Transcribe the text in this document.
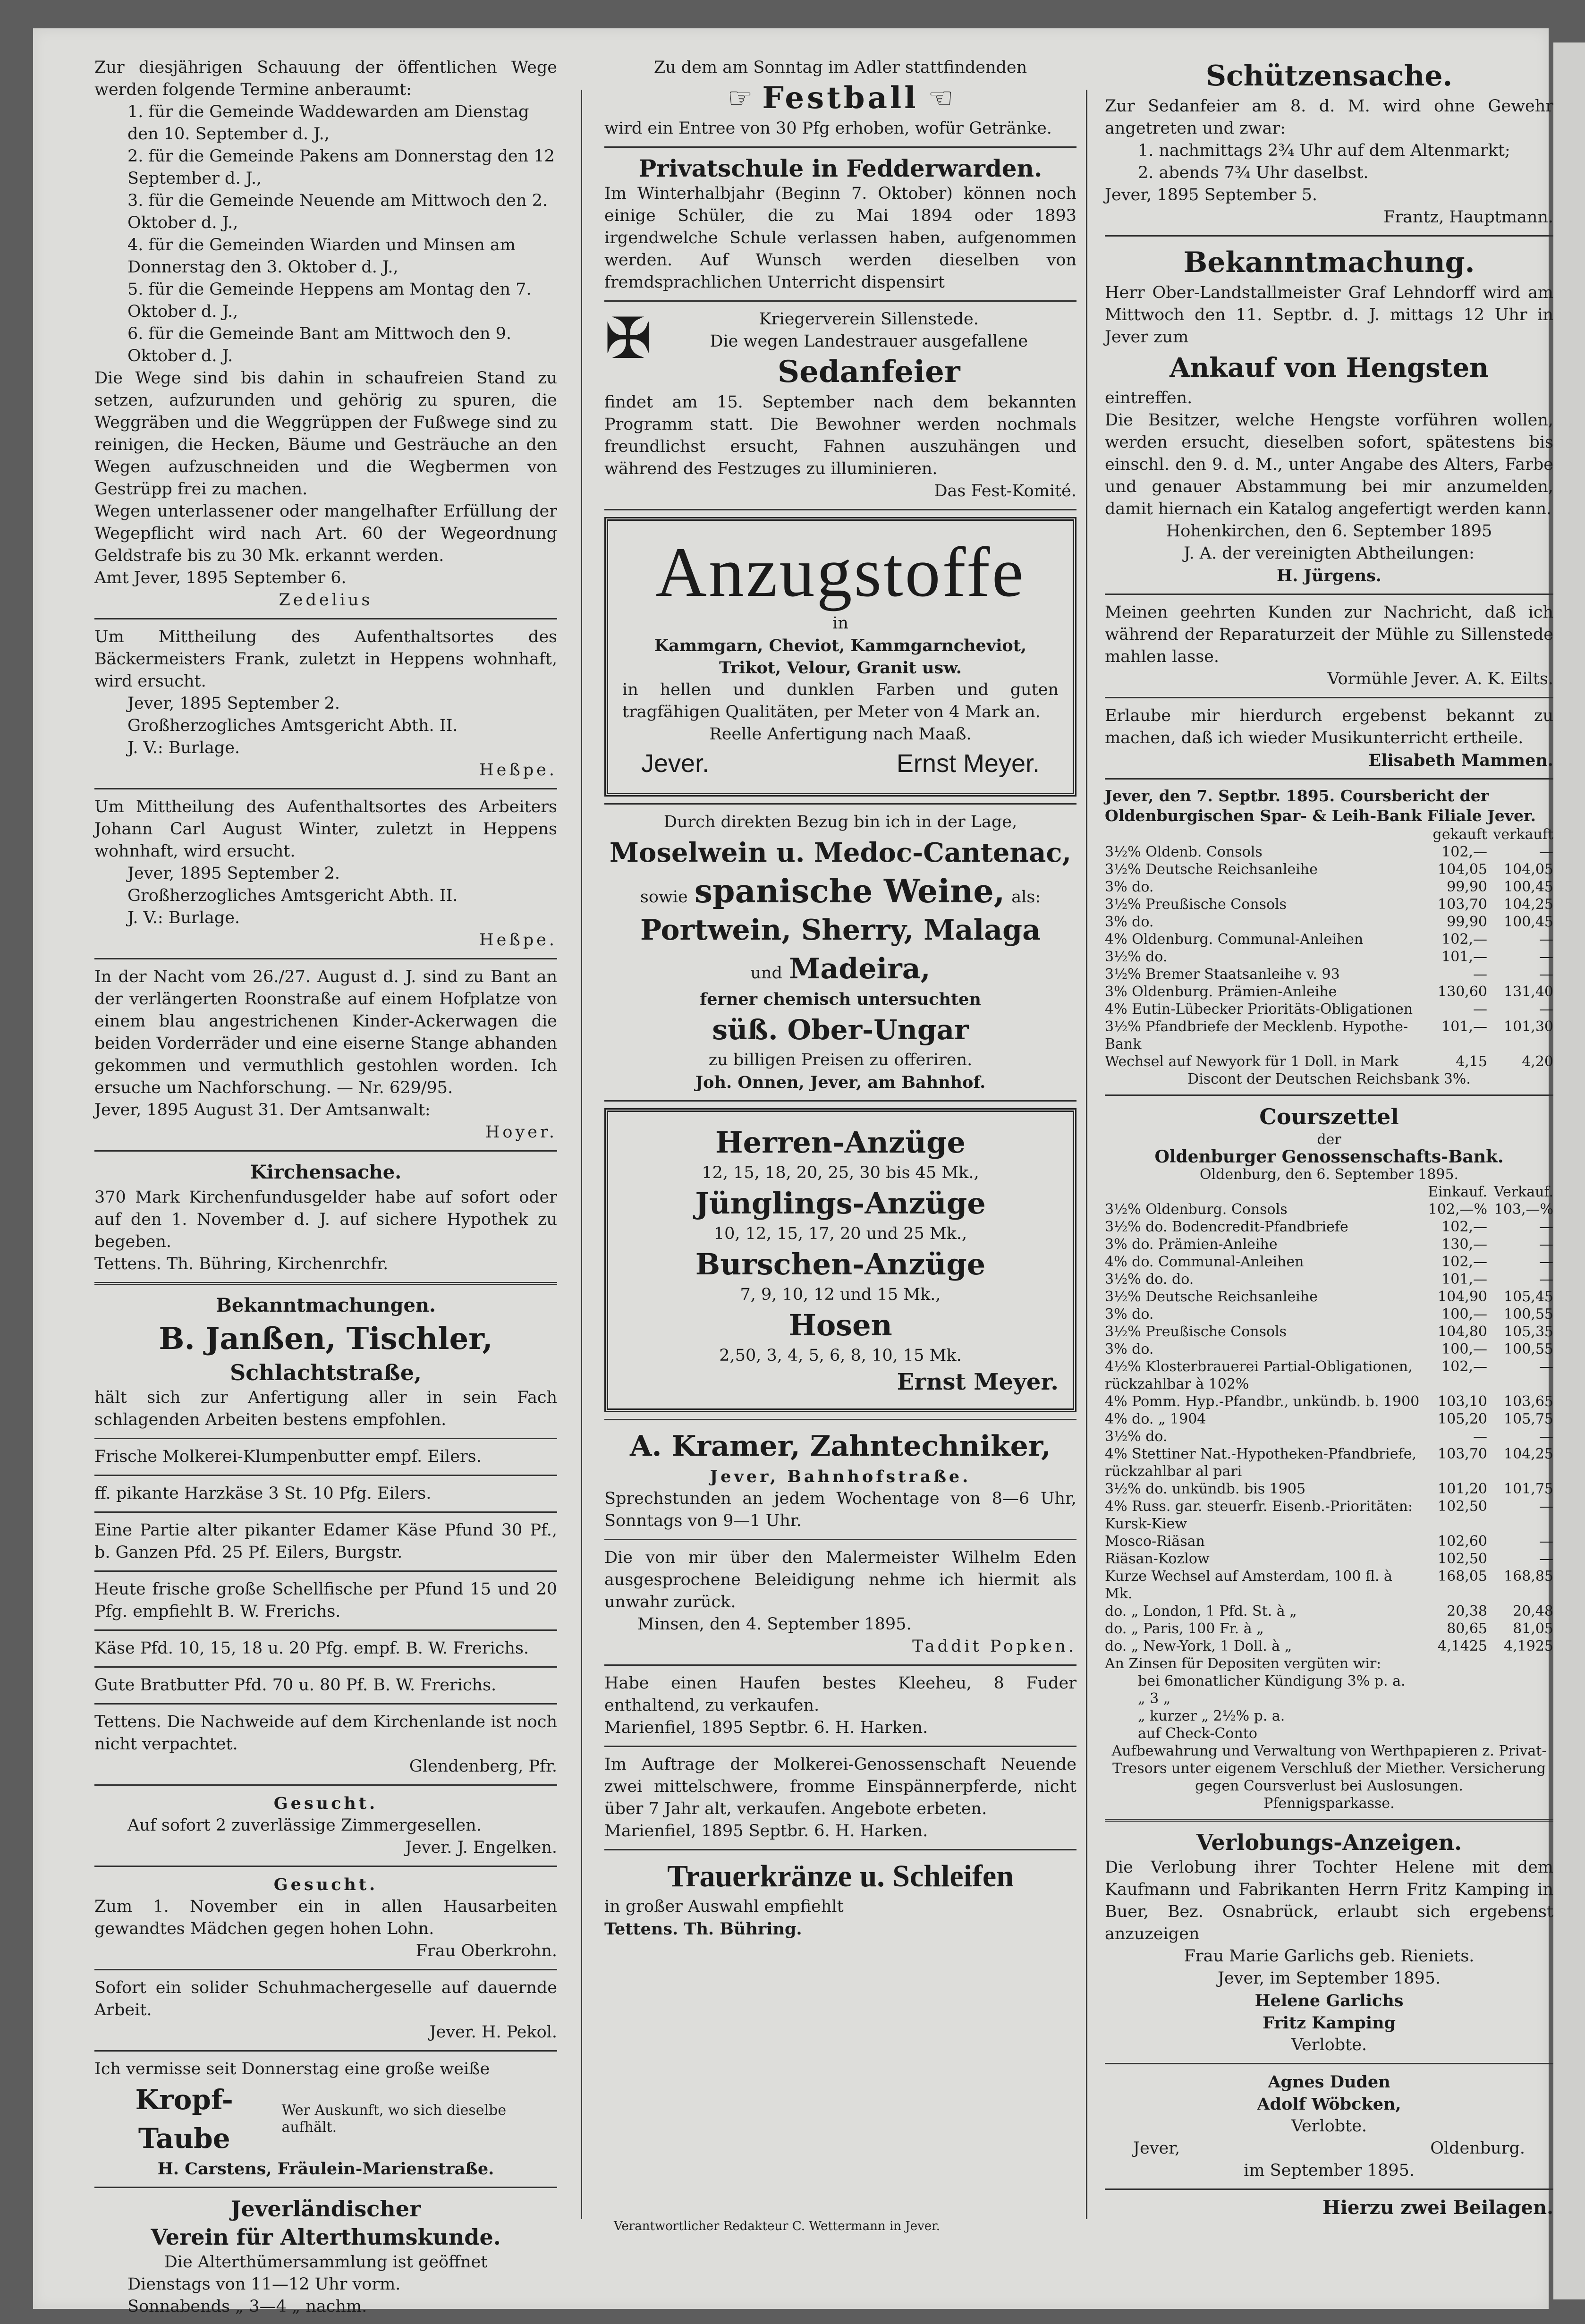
Zur diesjährigen Schauung der öffentlichen Wege werden folgende Termine anberaumt:

1. für die Gemeinde Waddewarden am Dienstag den 10. September d. J.,

2. für die Gemeinde Pakens am Donnerstag den 12 September d. J.,

3. für die Gemeinde Neuende am Mittwoch den 2. Oktober d. J.,

4. für die Gemeinden Wiarden und Minsen am Donnerstag den 3. Oktober d. J.,

5. für die Gemeinde Heppens am Montag den 7. Oktober d. J.,

6. für die Gemeinde Bant am Mittwoch den 9. Oktober d. J.

Die Wege sind bis dahin in schaufreien Stand zu setzen, aufzurunden und gehörig zu spuren, die Weggräben und die Weggrüppen der Fußwege sind zu reinigen, die Hecken, Bäume und Gesträuche an den Wegen aufzuschneiden und die Wegbermen von Gestrüpp frei zu machen.

Wegen unterlassener oder mangelhafter Erfüllung der Wegepflicht wird nach Art. 60 der Wegeordnung Geldstrafe bis zu 30 Mk. erkannt werden.

Amt Jever, 1895 September 6.

Zedelius

Um Mittheilung des Aufenthaltsortes des Bäckermeisters Frank, zuletzt in Heppens wohnhaft, wird ersucht.

Jever, 1895 September 2.

Großherzogliches Amtsgericht Abth. II.

J. V.: Burlage.

Heßpe.

Um Mittheilung des Aufenthaltsortes des Arbeiters Johann Carl August Winter, zuletzt in Heppens wohnhaft, wird ersucht.

Jever, 1895 September 2.

Großherzogliches Amtsgericht Abth. II.

J. V.: Burlage.

Heßpe.

In der Nacht vom 26./27. August d. J. sind zu Bant an der verlängerten Roonstraße auf einem Hofplatze von einem blau angestrichenen Kinder-Ackerwagen die beiden Vorderräder und eine eiserne Stange abhanden gekommen und vermuthlich gestohlen worden. Ich ersuche um Nachforschung. — Nr. 629/95.

Jever, 1895 August 31. Der Amtsanwalt:

Hoyer.

Kirchensache.

370 Mark Kirchenfundusgelder habe auf sofort oder auf den 1. November d. J. auf sichere Hypothek zu begeben.

Tettens. Th. Bühring, Kirchenrchfr.

Bekanntmachungen.

B. Janßen, Tischler,

Schlachtstraße,

hält sich zur Anfertigung aller in sein Fach schlagenden Arbeiten bestens empfohlen.

Frische Molkerei-Klumpenbutter empf. Eilers.

ff. pikante Harzkäse 3 St. 10 Pfg. Eilers.

Eine Partie alter pikanter Edamer Käse Pfund 30 Pf., b. Ganzen Pfd. 25 Pf. Eilers, Burgstr.

Heute frische große Schellfische per Pfund 15 und 20 Pfg. empfiehlt B. W. Frerichs.

Käse Pfd. 10, 15, 18 u. 20 Pfg. empf. B. W. Frerichs.

Gute Bratbutter Pfd. 70 u. 80 Pf. B. W. Frerichs.

Tettens. Die Nachweide auf dem Kirchenlande ist noch nicht verpachtet.

Glendenberg, Pfr.

Gesucht.

Auf sofort 2 zuverlässige Zimmergesellen.

Jever. J. Engelken.

Gesucht.

Zum 1. November ein in allen Hausarbeiten gewandtes Mädchen gegen hohen Lohn.

Frau Oberkrohn.

Sofort ein solider Schuhmachergeselle auf dauernde Arbeit.

Jever. H. Pekol.

Ich vermisse seit Donnerstag eine große weiße

Kropf-Taube
Wer Auskunft, wo sich dieselbe aufhält.

H. Carstens, Fräulein-Marienstraße.

Jeverländischer

Verein für Alterthumskunde.

Die Alterthümersammlung ist geöffnet

Dienstags von 11—12 Uhr vorm.

Sonnabends „ 3—4 „ nachm.

Zu dem am Sonntag im Adler stattfindenden

☞ Festball ☜

wird ein Entree von 30 Pfg erhoben, wofür Getränke.

Privatschule in Fedderwarden.

Im Winterhalbjahr (Beginn 7. Oktober) können noch einige Schüler, die zu Mai 1894 oder 1893 irgendwelche Schule verlassen haben, aufgenommen werden. Auf Wunsch werden dieselben von fremdsprachlichen Unterricht dispensirt

✠	Kriegerverein Sillenstede.

Die wegen Landestrauer ausgefallene

Sedanfeier

findet am 15. September nach dem bekannten Programm statt. Die Bewohner werden nochmals freundlichst ersucht, Fahnen auszuhängen und während des Festzuges zu illuminieren.

Das Fest-Komité.

Anzugstoffe

in

Kammgarn, Cheviot, Kammgarncheviot, Trikot, Velour, Granit usw.

in hellen und dunklen Farben und guten tragfähigen Qualitäten, per Meter von 4 Mark an.

Reelle Anfertigung nach Maaß.

Jever.	Ernst Meyer.

Durch direkten Bezug bin ich in der Lage,

Moselwein u. Medoc-Cantenac,

sowie spanische Weine, als:

Portwein, Sherry, Malaga

und Madeira,

ferner chemisch untersuchten

süß. Ober-Ungar

zu billigen Preisen zu offeriren.

Joh. Onnen, Jever, am Bahnhof.

Herren-Anzüge

12, 15, 18, 20, 25, 30 bis 45 Mk.,

Jünglings-Anzüge

10, 12, 15, 17, 20 und 25 Mk.,

Burschen-Anzüge

7, 9, 10, 12 und 15 Mk.,

Hosen

2,50, 3, 4, 5, 6, 8, 10, 15 Mk.

Ernst Meyer.

A. Kramer, Zahntechniker,

Jever, Bahnhofstraße.

Sprechstunden an jedem Wochentage von 8—6 Uhr, Sonntags von 9—1 Uhr.

Die von mir über den Malermeister Wilhelm Eden ausgesprochene Beleidigung nehme ich hiermit als unwahr zurück.

Minsen, den 4. September 1895.

Taddit Popken.

Habe einen Haufen bestes Kleeheu, 8 Fuder enthaltend, zu verkaufen.

Marienfiel, 1895 Septbr. 6. H. Harken.

Im Auftrage der Molkerei-Genossenschaft Neuende zwei mittelschwere, fromme Einspännerpferde, nicht über 7 Jahr alt, verkaufen. Angebote erbeten.

Marienfiel, 1895 Septbr. 6. H. Harken.

Trauerkränze u. Schleifen

in großer Auswahl empfiehlt

Tettens. Th. Bühring.

Schützensache.

Zur Sedanfeier am 8. d. M. wird ohne Gewehr angetreten und zwar:

1. nachmittags 2¾ Uhr auf dem Altenmarkt;

2. abends 7¾ Uhr daselbst.

Jever, 1895 September 5.

Frantz, Hauptmann.

Bekanntmachung.

Herr Ober-Landstallmeister Graf Lehndorff wird am Mittwoch den 11. Septbr. d. J. mittags 12 Uhr in Jever zum

Ankauf von Hengsten

eintreffen.

Die Besitzer, welche Hengste vorführen wollen, werden ersucht, dieselben sofort, spätestens bis einschl. den 9. d. M., unter Angabe des Alters, Farbe und genauer Abstammung bei mir anzumelden, damit hiernach ein Katalog angefertigt werden kann.

Hohenkirchen, den 6. September 1895

J. A. der vereinigten Abtheilungen:

H. Jürgens.

Meinen geehrten Kunden zur Nachricht, daß ich während der Reparaturzeit der Mühle zu Sillenstede mahlen lasse.

Vormühle Jever. A. K. Eilts.

Erlaube mir hierdurch ergebenst bekannt zu machen, daß ich wieder Musikunterricht ertheile.

Elisabeth Mammen.

Jever, den 7. Septbr. 1895. Coursbericht der Oldenburgischen Spar- & Leih-Bank Filiale Jever.

gekauft verkauft
3½% Oldenb. Consols	102,—	—
3½% Deutsche Reichsanleihe	104,05	104,05
3% do.	99,90	100,45
3½% Preußische Consols	103,70	104,25
3% do.	99,90	100,45
4% Oldenburg. Communal-Anleihen	102,—	—
3½% do.	101,—	—
3½% Bremer Staatsanleihe v. 93	—	—
3% Oldenburg. Prämien-Anleihe	130,60	131,40
4% Eutin-Lübecker Prioritäts-Obligationen	—	—
3½% Pfandbriefe der Mecklenb. Hypothe-Bank
101,—	101,30
Wechsel auf Newyork für 1 Doll. in Mark	4,15	4,20

Discont der Deutschen Reichsbank 3%.

Courszettel

der

Oldenburger Genossenschafts-Bank.

Oldenburg, den 6. September 1895.

Einkauf. Verkauf.
3½% Oldenburg. Consols	102,—% 103,—%
3½% do. Bodencredit-Pfandbriefe	102,—	—
3% do. Prämien-Anleihe	130,—	—
4% do. Communal-Anleihen	102,—	—
3½% do. do.	101,—	—
3½% Deutsche Reichsanleihe	104,90	105,45
3% do.	100,—	100,55
3½% Preußische Consols	104,80	105,35
3% do.	100,—	100,55
4½% Klosterbrauerei Partial-Obligationen, rückzahlbar à 102%
102,—	—
4% Pomm. Hyp.-Pfandbr., unkündb. b. 1900	103,10	103,65
4% do. „ 1904	105,20	105,75
3½% do.	—	—
4% Stettiner Nat.-Hypotheken-Pfandbriefe, rückzahlbar al pari
103,70	104,25
3½% do. unkündb. bis 1905	101,20	101,75
4% Russ. gar. steuerfr. Eisenb.-Prioritäten: Kursk-Kiew
102,50	—
Mosco-Riäsan	102,60	—
Riäsan-Kozlow	102,50	—
Kurze Wechsel auf Amsterdam, 100 fl. à Mk.
168,05	168,85
do. „ London, 1 Pfd. St. à „	20,38	20,48
do. „ Paris, 100 Fr. à „	80,65	81,05
do. „ New-York, 1 Doll. à „	4,1425	4,1925

An Zinsen für Depositen vergüten wir:

bei 6monatlicher Kündigung 3% p. a.

„ 3 „

„ kurzer „ 2½% p. a.

auf Check-Conto

Aufbewahrung und Verwaltung von Werthpapieren z. Privat-Tresors unter eigenem Verschluß der Miether. Versicherung gegen Coursverlust bei Auslosungen.

Pfennigsparkasse.

Verlobungs-Anzeigen.

Die Verlobung ihrer Tochter Helene mit dem Kaufmann und Fabrikanten Herrn Fritz Kamping in Buer, Bez. Osnabrück, erlaubt sich ergebenst anzuzeigen

Frau Marie Garlichs geb. Rieniets.

Jever, im September 1895.

Helene Garlichs

Fritz Kamping

Verlobte.

Agnes Duden

Adolf Wöbcken,

Verlobte.

Jever,	Oldenburg.

im September 1895.

Hierzu zwei Beilagen.

Verantwortlicher Redakteur C. Wettermann in Jever.
